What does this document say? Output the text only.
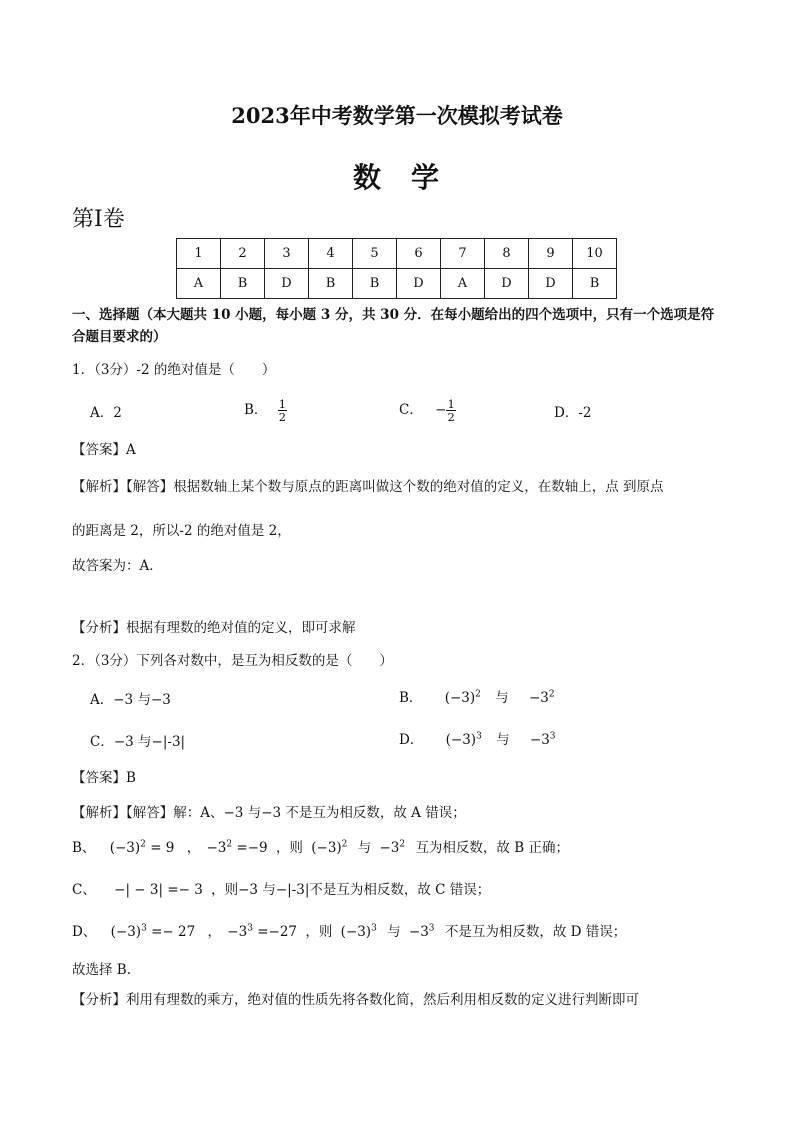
2023年中考数学第一次模拟考试卷
数 学
第Ⅰ卷
1	2	3	4	5	6	7	8	9	10
A	B	D	B	B	D	A	D	D	B
一、选择题（本大题共 10 小题，每小题 3 分，共 30 分．在每小题给出的四个选项中，只有一个选项是符
合题目要求的）
1．（3分）-2 的绝对值是（　　）
A．2	B． $\frac{1}{2}$	C． − $\frac{1}{2}$	D．-2
【答案】A
【解析】【解答】根据数轴上某个数与原点的距离叫做这个数的绝对值的定义，在数轴上，点 到原点
的距离是 2，所以-2 的绝对值是 2，
故答案为：A．
【分析】根据有理数的绝对值的定义，即可求解
2．（3分）下列各对数中，是互为相反数的是（　　）
A．−3 与−3	B． $(-3)^2$ 与 $-3^2$
C．−3 与−|-3|	D． $(-3)^3$ 与 $-3^3$
【答案】B
【解析】【解答】解：A、−3 与−3 不是互为相反数，故 A 错误；
B、 $(-3)^2 = 9$ ， $-3^2 =-9$ ，则 $(-3)^2$ 与 $-3^2$ 互为相反数，故 B 正确；
C、 −| − 3| =− 3 ，则−3 与−|-3|不是互为相反数，故 C 错误；
D、 $(-3)^3 =- 27$ ， $-3^3 =-27$ ，则 $(-3)^3$ 与 $-3^3$ 不是互为相反数，故 D 错误；
故选择 B.
【分析】利用有理数的乘方，绝对值的性质先将各数化简，然后利用相反数的定义进行判断即可
